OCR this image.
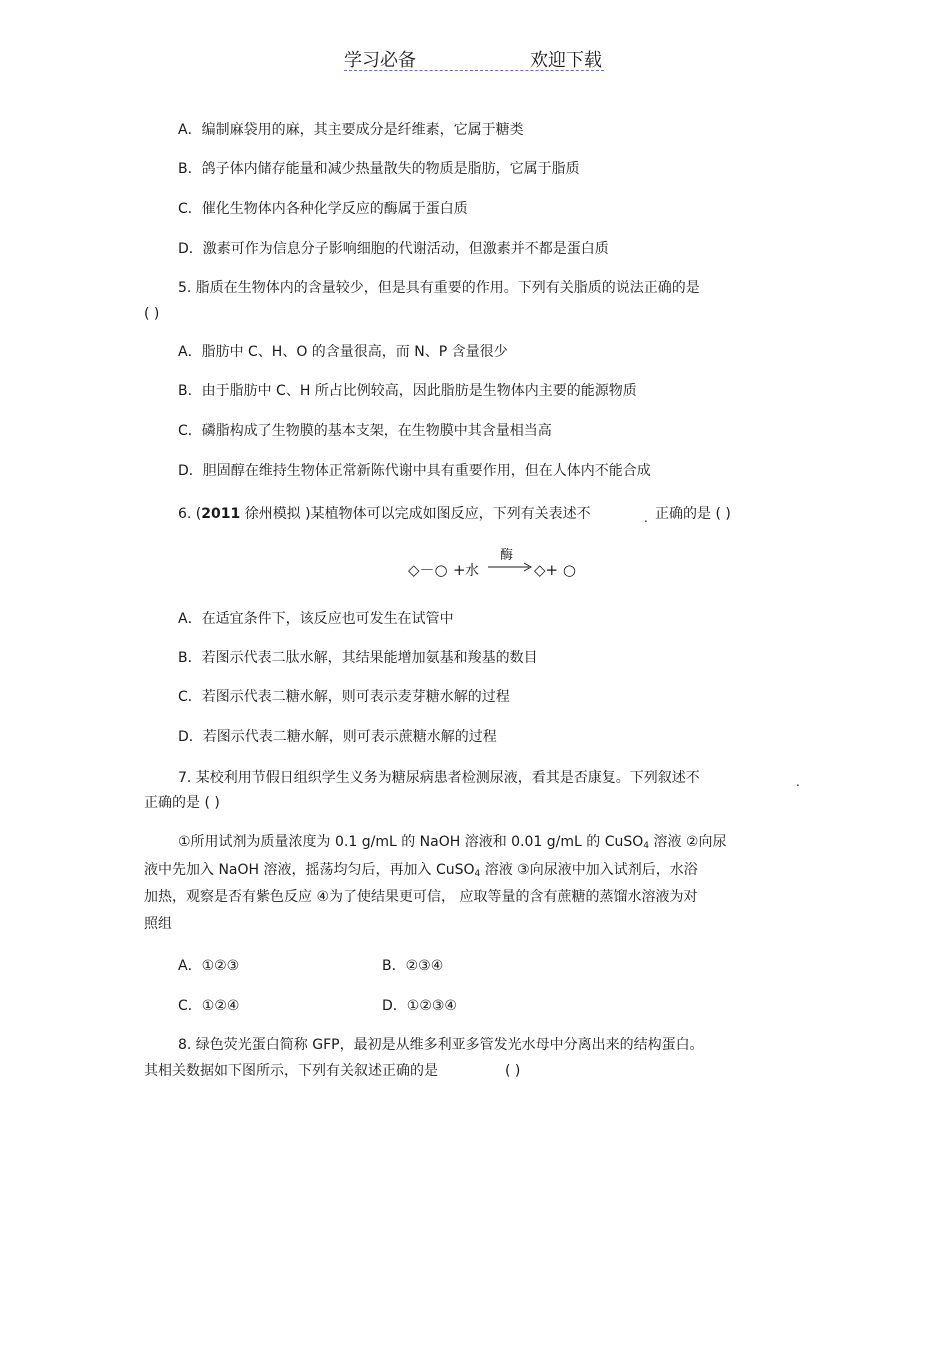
学习必备	欢迎下载
A．编制麻袋用的麻，其主要成分是纤维素，它属于糖类
B．鸽子体内储存能量和减少热量散失的物质是脂肪，它属于脂质
C．催化生物体内各种化学反应的酶属于蛋白质
D．激素可作为信息分子影响细胞的代谢活动，但激素并不都是蛋白质
5. 脂质在生物体内的含量较少，但是具有重要的作用。下列有关脂质的说法正确的是
( )
A．脂肪中 C、H、O 的含量很高，而 N、P 含量很少
B．由于脂肪中 C、H 所占比例较高，因此脂肪是生物体内主要的能源物质
C．磷脂构成了生物膜的基本支架，在生物膜中其含量相当高
D．胆固醇在维持生物体正常新陈代谢中具有重要作用，但在人体内不能合成
6. (2011 徐州模拟 )某植物体可以完成如图反应，下列有关表述不	. 正确的是 ( )
◇－○ + 水
酶
→ ◇+ ○
A．在适宜条件下，该反应也可发生在试管中
B．若图示代表二肽水解，其结果能增加氨基和羧基的数目
C．若图示代表二糖水解，则可表示麦芽糖水解的过程
D．若图示代表二糖水解，则可表示蔗糖水解的过程
7. 某校利用节假日组织学生义务为糖尿病患者检测尿液，看其是否康复。下列叙述不	.
正确的是 ( )
①所用试剂为质量浓度为 0.1 g/mL 的 NaOH 溶液和 0.01 g/mL 的 CuSO$_4$ 溶液 ②向尿
液中先加入 NaOH 溶液，摇荡均匀后，再加入 CuSO$_4$ 溶液 ③向尿液中加入试剂后，水浴
加热，观察是否有紫色反应 ④为了使结果更可信， 应取等量的含有蔗糖的蒸馏水溶液为对
照组
A．①②③	B．②③④
C．①②④	D．①②③④
8. 绿色荧光蛋白简称 GFP，最初是从维多利亚多管发光水母中分离出来的结构蛋白。
其相关数据如下图所示，下列有关叙述正确的是	( )
